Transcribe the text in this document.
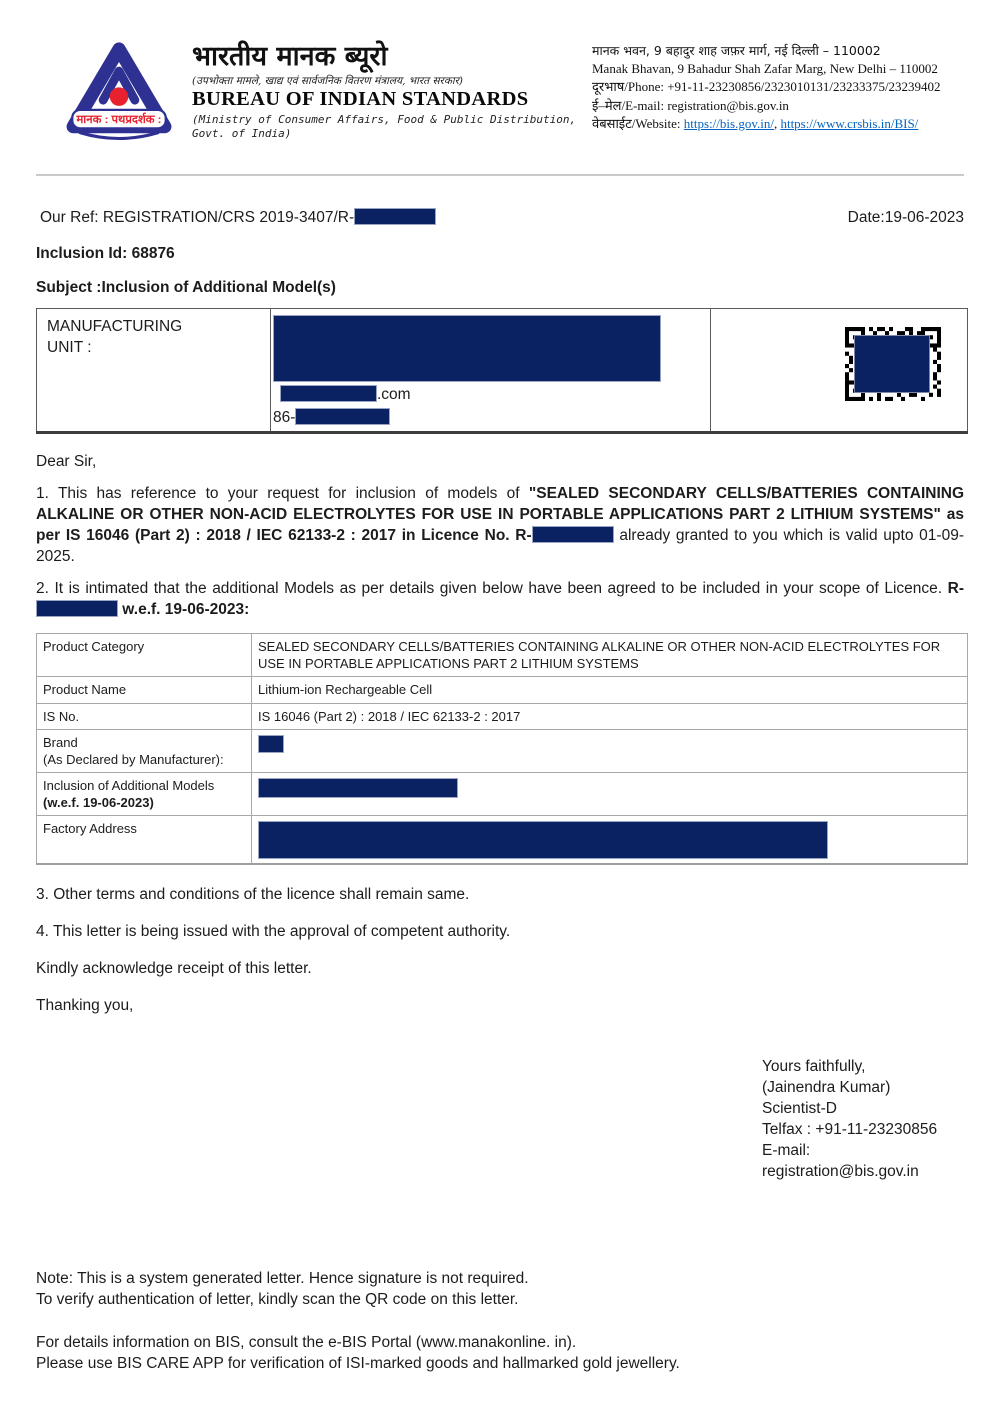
मानक : पथप्रदर्शक :
भारतीय मानक ब्यूरो
(उपभोक्ता मामले, खाद्य एवं सार्वजनिक वितरण मंत्रालय, भारत सरकार)
BUREAU OF INDIAN STANDARDS
(Ministry of Consumer Affairs, Food & Public Distribution, Govt. of India)
मानक भवन, 9 बहादुर शाह जफ़र मार्ग, नई दिल्ली – 110002
Manak Bhavan, 9 Bahadur Shah Zafar Marg, New Delhi – 110002
दूरभाष/Phone: +91-11-23230856/2323010131/23233375/23239402
ई–मेल/E-mail: registration@bis.gov.in
वेबसाईट/Website: https://bis.gov.in/, https://www.crsbis.in/BIS/
Our Ref: REGISTRATION/CRS 2019-3407/R-	Date:19-06-2023
Inclusion Id: 68876
Subject :Inclusion of Additional Model(s)
MANUFACTURING UNIT :

.com
86-

Dear Sir,
1. This has reference to your request for inclusion of models of "SEALED SECONDARY CELLS/BATTERIES CONTAINING ALKALINE OR OTHER NON-ACID ELECTROLYTES FOR USE IN PORTABLE APPLICATIONS PART 2 LITHIUM SYSTEMS" as per IS 16046 (Part 2) : 2018 / IEC 62133-2 : 2017 in Licence No. R-	already granted to you which is valid upto 01-09-2025.
2. It is intimated that the additional Models as per details given below have been agreed to be included in your scope of Licence. R- w.e.f. 19-06-2023:
Product Category	SEALED SECONDARY CELLS/BATTERIES CONTAINING ALKALINE OR OTHER NON-ACID ELECTROLYTES FOR USE IN PORTABLE APPLICATIONS PART 2 LITHIUM SYSTEMS
Product Name	Lithium-ion Rechargeable Cell
IS No.	IS 16046 (Part 2) : 2018 / IEC 62133-2 : 2017

Brand
(As Declared by Manufacturer):	

Inclusion of Additional Models (w.e.f. 19-06-2023)	
Factory Address	
3. Other terms and conditions of the licence shall remain same.
4. This letter is being issued with the approval of competent authority.
Kindly acknowledge receipt of this letter.
Thanking you,
Yours faithfully,
(Jainendra Kumar)
Scientist-D
Telfax : +91-11-23230856
E-mail: registration@bis.gov.in
Note: This is a system generated letter. Hence signature is not required.
To verify authentication of letter, kindly scan the QR code on this letter.
For details information on BIS, consult the e-BIS Portal (www.manakonline. in).
Please use BIS CARE APP for verification of ISI-marked goods and hallmarked gold jewellery.
